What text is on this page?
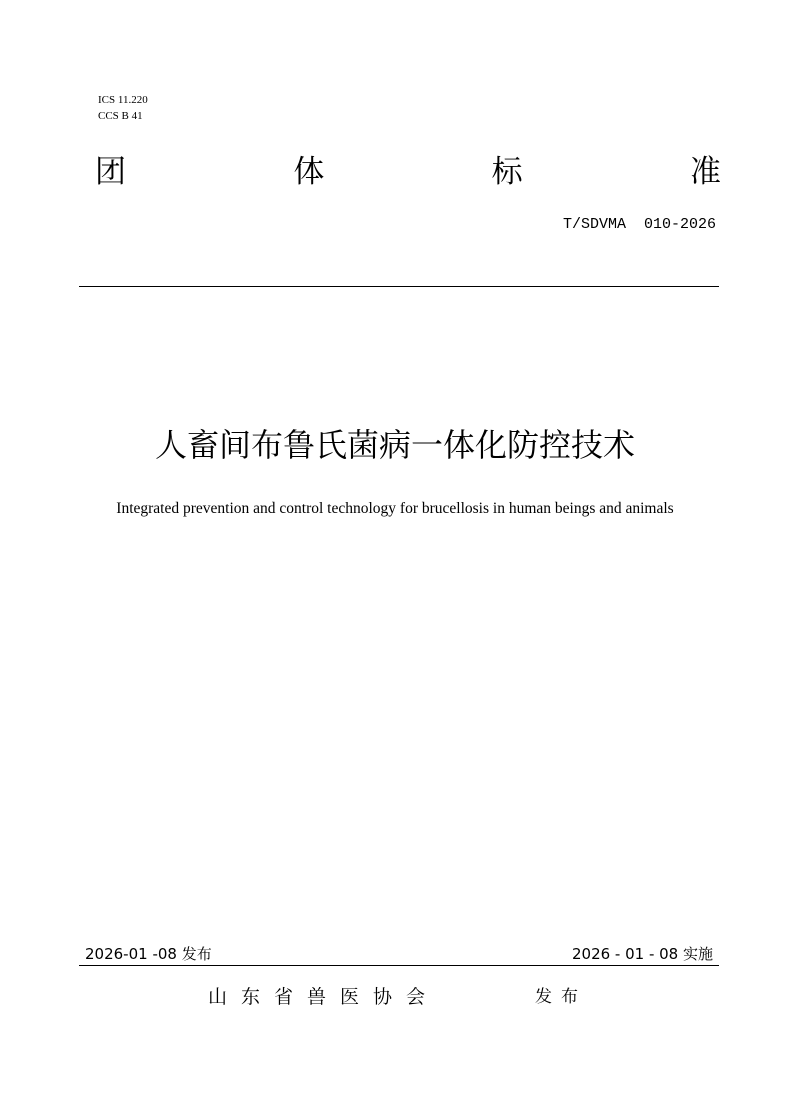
ICS 11.220
CCS B 41
团	体	标	准
T/SDVMA  010-2026
人畜间布鲁氏菌病一体化防控技术
Integrated prevention and control technology for brucellosis in human beings and animals
2026-01 -08 发布	2026 - 01 - 08 实施
山东省兽医协会	发布
